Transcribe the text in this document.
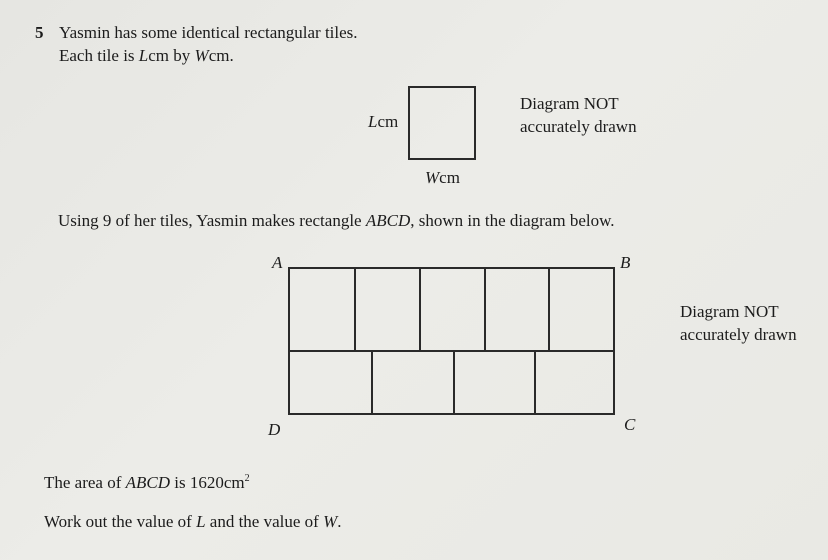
5 Yasmin has some identical rectangular tiles.
Each tile is Lcm by Wcm.
Lcm
Wcm
Diagram NOT
accurately drawn
Using 9 of her tiles, Yasmin makes rectangle ABCD, shown in the diagram below.
A	B
D	C
Diagram NOT
accurately drawn
The area of ABCD is $1620cm^2$
Work out the value of L and the value of W.
